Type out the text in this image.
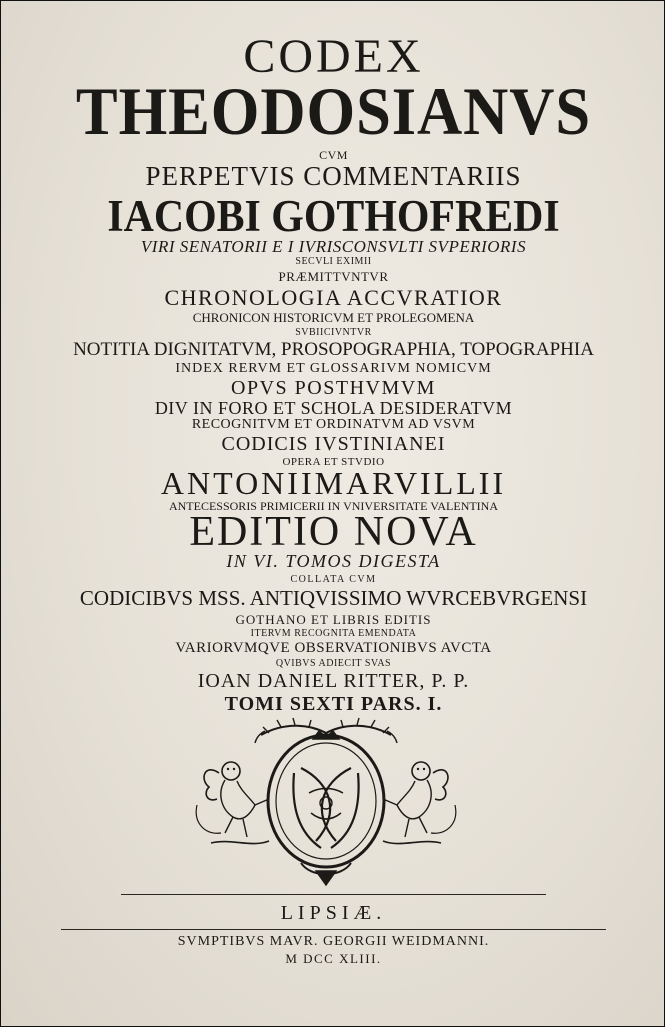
CODEX
THEODOSIANVS
CVM
PERPETVIS COMMENTARIIS
IACOBI GOTHOFREDI
VIRI SENATORII E I IVRISCONSVLTI SVPERIORIS
SECVLI EXIMII
PRÆMITTVNTVR
CHRONOLOGIA ACCVRATIOR
CHRONICON HISTORICVM ET PROLEGOMENA
SVBIICIVNTVR
NOTITIA DIGNITATVM, PROSOPOGRAPHIA, TOPOGRAPHIA
INDEX RERVM ET GLOSSARIVM NOMICVM
OPVS POSTHVMVM
DIV IN FORO ET SCHOLA DESIDERATVM
RECOGNITVM ET ORDINATVM AD VSVM
CODICIS IVSTINIANEI
OPERA ET STVDIO
ANTONIIMARVILLII
ANTECESSORIS PRIMICERII IN VNIVERSITATE VALENTINA
EDITIO NOVA
IN VI. TOMOS DIGESTA
COLLATA CVM
CODICIBVS MSS. ANTIQVISSIMO WVRCEBVRGENSI
GOTHANO ET LIBRIS EDITIS
ITERVM RECOGNITA EMENDATA
VARIORVMQVE OBSERVATIONIBVS AVCTA
QVIBVS ADIECIT SVAS
IOAN DANIEL RITTER, P. P.
TOMI SEXTI PARS. I.
LIPSIÆ.
SVMPTIBVS MAVR. GEORGII WEIDMANNI.
M DCC XLIII.
